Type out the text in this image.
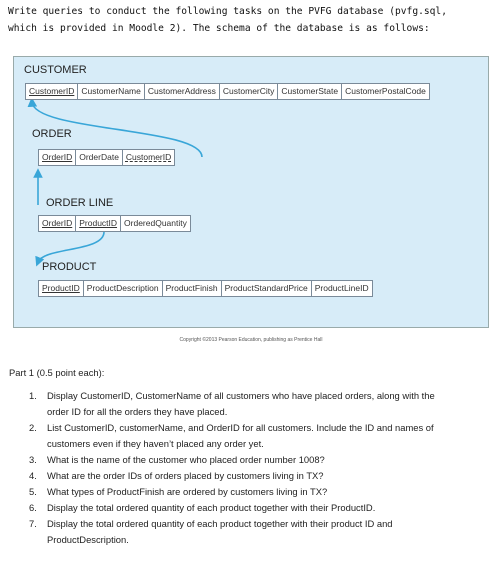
Write queries to conduct the following tasks on the PVFG database (pvfg.sql,
which is provided in Moodle 2). The schema of the database is as follows:
CUSTOMER
CustomerID CustomerName CustomerAddress CustomerCity CustomerState CustomerPostalCode
ORDER
OrderID OrderDate CustomerID
ORDER LINE
OrderID ProductID OrderedQuantity
PRODUCT
ProductID ProductDescription ProductFinish ProductStandardPrice ProductLineID
Copyright ©2013 Pearson Education, publishing as Prentice Hall
Part 1 (0.5 point each):
1. Display CustomerID, CustomerName of all customers who have placed orders, along with the
order ID for all the orders they have placed.
2. List CustomerID, customerName, and OrderID for all customers. Include the ID and names of
customers even if they haven’t placed any order yet.
3. What is the name of the customer who placed order number 1008?
4. What are the order IDs of orders placed by customers living in TX?
5. What types of ProductFinish are ordered by customers living in TX?
6. Display the total ordered quantity of each product together with their ProductID.
7. Display the total ordered quantity of each product together with their product ID and
ProductDescription.
